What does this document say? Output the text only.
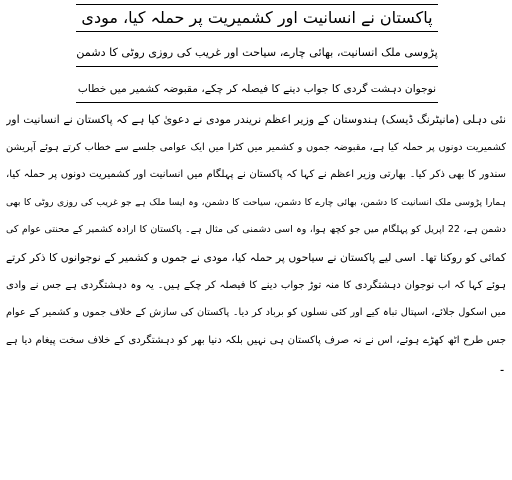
پاکستان نے انسانیت اور کشمیریت پر حملہ کیا، مودی
پڑوسی ملک انسانیت، بھائی چارے، سیاحت اور غریب کی روزی روٹی کا دشمن
نوجوان دہشت گردی کا جواب دینے کا فیصلہ کر چکے، مقبوضہ کشمیر میں خطاب
نئی دہلی (مانیٹرنگ ڈیسک) ہندوستان کے وزیر اعظم نریندر مودی نے دعویٰ کیا ہے کہ پاکستان نے انسانیت اور
کشمیریت دونوں پر حملہ کیا ہے، مقبوضہ جموں و کشمیر میں کٹرا میں ایک عوامی جلسے سے خطاب کرتے ہوئے آپریشن
سندور کا بھی ذکر کیا۔ بھارتی وزیر اعظم نے کہا کہ پاکستان نے پہلگام میں انسانیت اور کشمیریت دونوں پر حملہ کیا،
ہمارا پڑوسی ملک انسانیت کا دشمن، بھائی چارے کا دشمن، سیاحت کا دشمن، وہ ایسا ملک ہے جو غریب کی روزی روٹی کا بھی
دشمن ہے، 22 اپریل کو پہلگام میں جو کچھ ہوا، وہ اسی دشمنی کی مثال ہے۔ پاکستان کا ارادہ کشمیر کے محنتی عوام کی
کمائی کو روکنا تھا۔ اسی لیے پاکستان نے سیاحوں پر حملہ کیا، مودی نے جموں و کشمیر کے نوجوانوں کا ذکر کرتے
ہوئے کہا کہ اب نوجوان دہشتگردی کا منہ توڑ جواب دینے کا فیصلہ کر چکے ہیں۔ یہ وہ دہشتگردی ہے جس نے وادی
میں اسکول جلائے، اسپتال تباہ کیے اور کئی نسلوں کو برباد کر دیا۔ پاکستان کی سازش کے خلاف جموں و کشمیر کے عوام
جس طرح اٹھ کھڑے ہوئے، اس نے نہ صرف پاکستان ہی نہیں بلکہ دنیا بھر کو دہشتگردی کے خلاف سخت پیغام دیا ہے
۔
